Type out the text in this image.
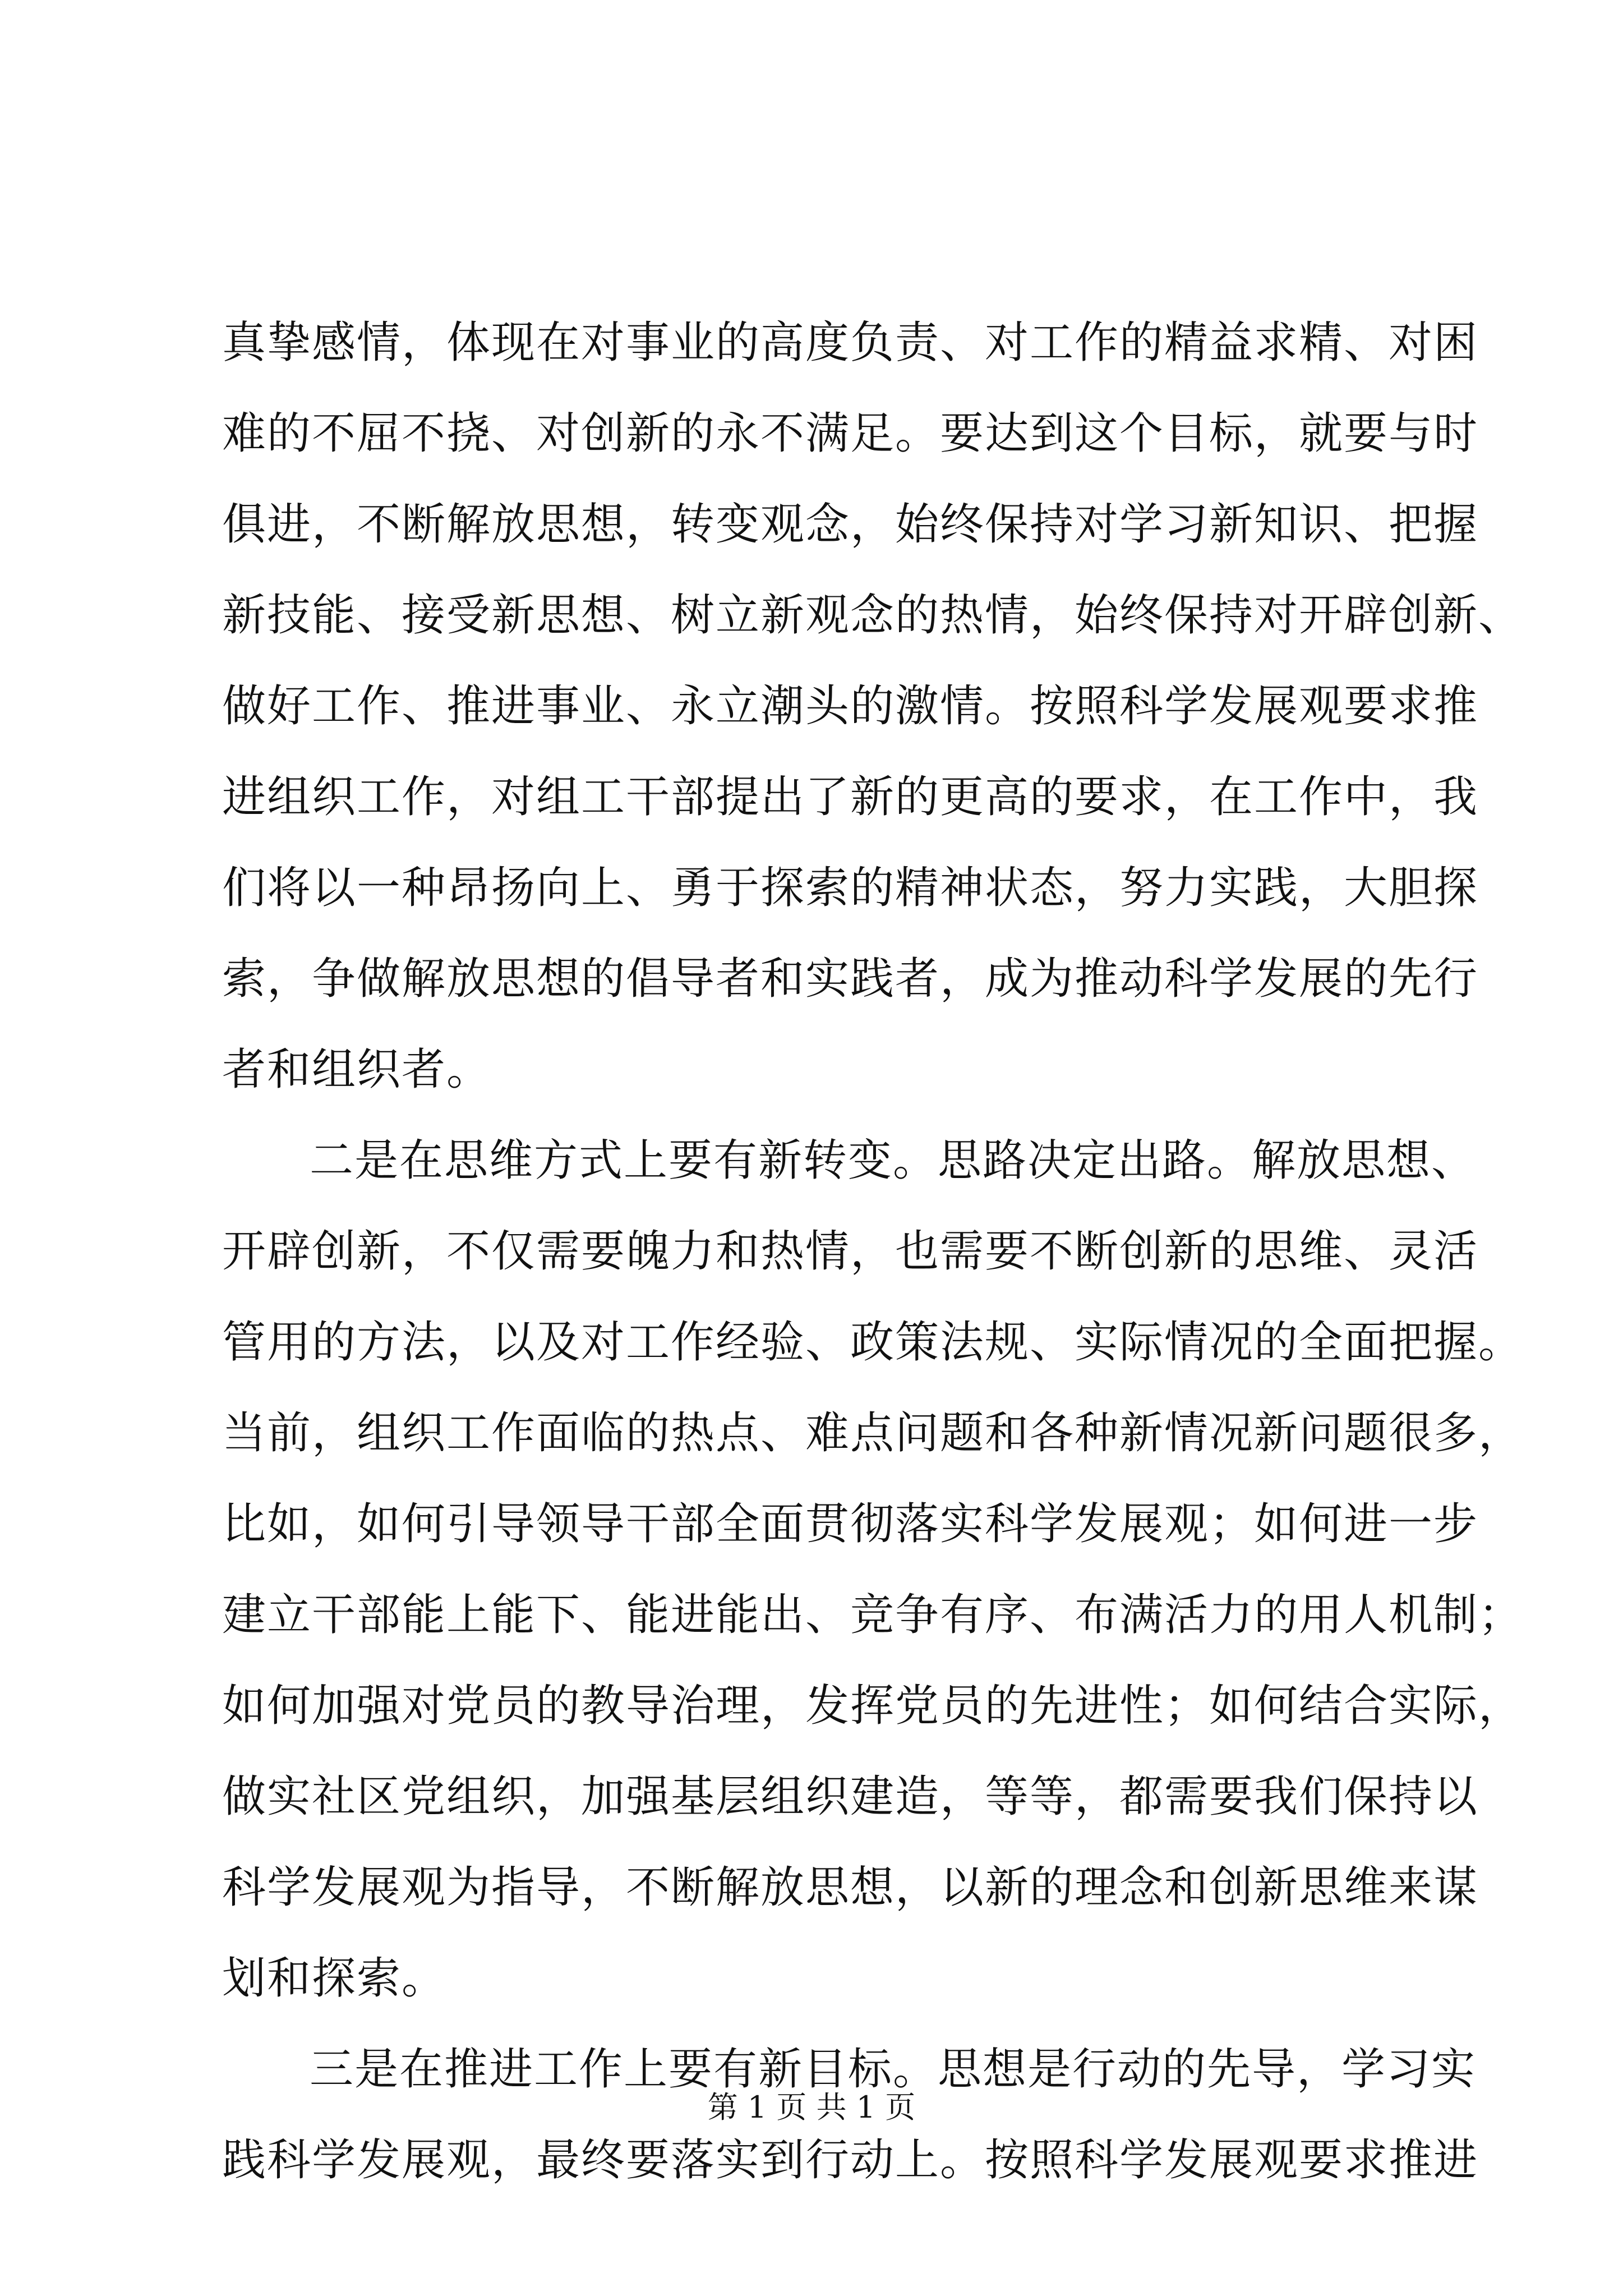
真挚感情，体现在对事业的高度负责、对工作的精益求精、对困
难的不屈不挠、对创新的永不满足。要达到这个目标，就要与时
俱进，不断解放思想，转变观念，始终保持对学习新知识、把握
新技能、接受新思想、树立新观念的热情，始终保持对开辟创新、
做好工作、推进事业、永立潮头的激情。按照科学发展观要求推
进组织工作，对组工干部提出了新的更高的要求，在工作中，我
们将以一种昂扬向上、勇于探索的精神状态，努力实践，大胆探
索，争做解放思想的倡导者和实践者，成为推动科学发展的先行
者和组织者。
二是在思维方式上要有新转变。思路决定出路。解放思想、
开辟创新，不仅需要魄力和热情，也需要不断创新的思维、灵活
管用的方法，以及对工作经验、政策法规、实际情况的全面把握。
当前，组织工作面临的热点、难点问题和各种新情况新问题很多，
比如，如何引导领导干部全面贯彻落实科学发展观；如何进一步
建立干部能上能下、能进能出、竞争有序、布满活力的用人机制；
如何加强对党员的教导治理，发挥党员的先进性；如何结合实际，
做实社区党组织，加强基层组织建造，等等，都需要我们保持以
科学发展观为指导，不断解放思想，以新的理念和创新思维来谋
划和探索。
三是在推进工作上要有新目标。思想是行动的先导，学习实
践科学发展观，最终要落实到行动上。按照科学发展观要求推进
第 1 页 共 1 页
